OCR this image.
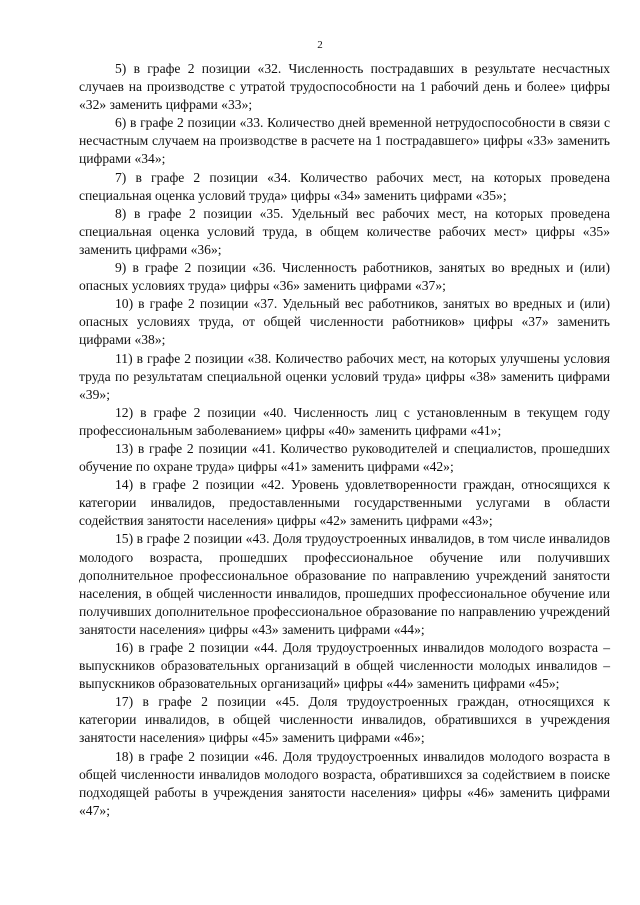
2

5) в графе 2 позиции «32. Численность пострадавших в результате несчастных случаев на производстве с утратой трудоспособности на 1 рабочий день и более» цифры «32» заменить цифрами «33»;

6) в графе 2 позиции «33. Количество дней временной нетрудоспособности в связи с несчастным случаем на производстве в расчете на 1 пострадавшего» цифры «33» заменить цифрами «34»;

7) в графе 2 позиции «34. Количество рабочих мест, на которых проведена специальная оценка условий труда» цифры «34» заменить цифрами «35»;

8) в графе 2 позиции «35. Удельный вес рабочих мест, на которых проведена специальная оценка условий труда, в общем количестве рабочих мест» цифры «35» заменить цифрами «36»;

9) в графе 2 позиции «36. Численность работников, занятых во вредных и (или) опасных условиях труда» цифры «36» заменить цифрами «37»;

10) в графе 2 позиции «37. Удельный вес работников, занятых во вредных и (или) опасных условиях труда, от общей численности работников» цифры «37» заменить цифрами «38»;

11) в графе 2 позиции «38. Количество рабочих мест, на которых улучшены условия труда по результатам специальной оценки условий труда» цифры «38» заменить цифрами «39»;

12) в графе 2 позиции «40. Численность лиц с установленным в текущем году профессиональным заболеванием» цифры «40» заменить цифрами «41»;

13) в графе 2 позиции «41. Количество руководителей и специалистов, прошедших обучение по охране труда» цифры «41» заменить цифрами «42»;

14) в графе 2 позиции «42. Уровень удовлетворенности граждан, относящихся к категории инвалидов, предоставленными государственными услугами в области содействия занятости населения» цифры «42» заменить цифрами «43»;

15) в графе 2 позиции «43. Доля трудоустроенных инвалидов, в том числе инвалидов молодого возраста, прошедших профессиональное обучение или получивших дополнительное профессиональное образование по направлению учреждений занятости населения, в общей численности инвалидов, прошедших профессиональное обучение или получивших дополнительное профессиональное образование по направлению учреждений занятости населения» цифры «43» заменить цифрами «44»;

16) в графе 2 позиции «44. Доля трудоустроенных инвалидов молодого возраста – выпускников образовательных организаций в общей численности молодых инвалидов – выпускников образовательных организаций» цифры «44» заменить цифрами «45»;

17) в графе 2 позиции «45. Доля трудоустроенных граждан, относящихся к категории инвалидов, в общей численности инвалидов, обратившихся в учреждения занятости населения» цифры «45» заменить цифрами «46»;

18) в графе 2 позиции «46. Доля трудоустроенных инвалидов молодого возраста в общей численности инвалидов молодого возраста, обратившихся за содействием в поиске подходящей работы в учреждения занятости населения» цифры «46» заменить цифрами «47»;
